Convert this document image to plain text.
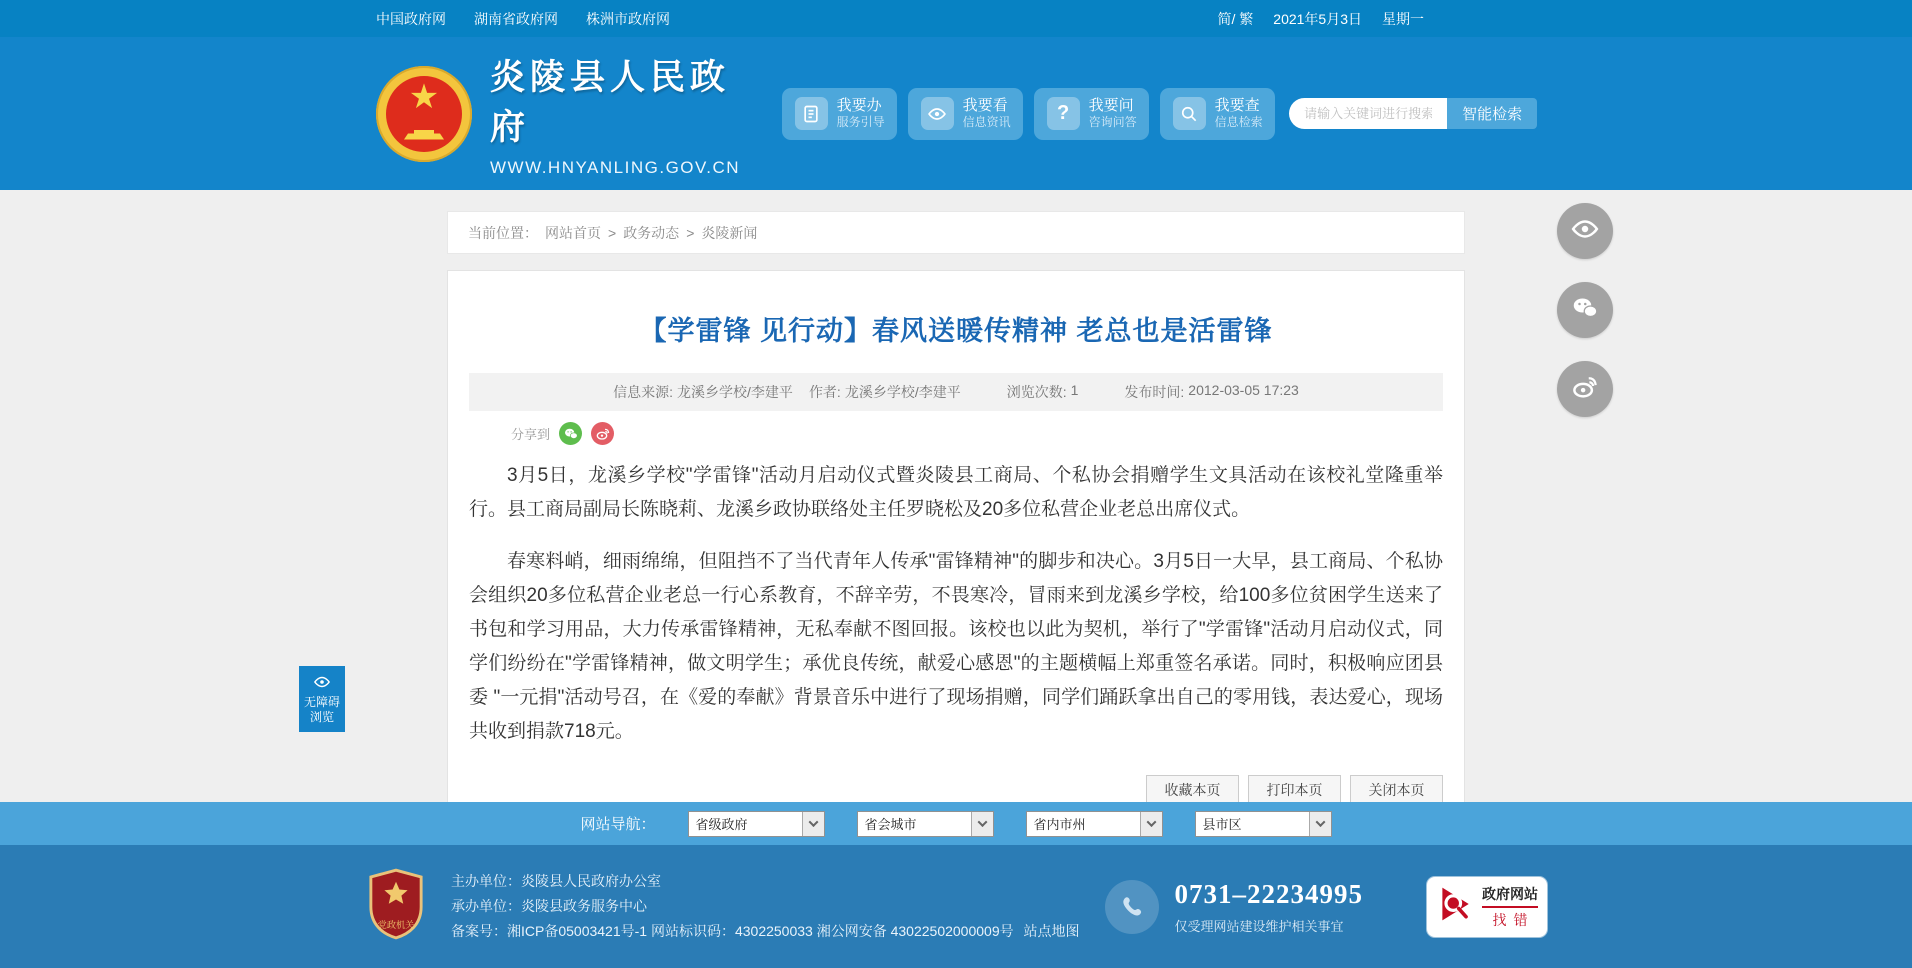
中国政府网 湖南省政府网 株洲市政府网	简/ 繁 2021年5月3日 星期一
★	炎陵县人民政府
WWW.HNYANLING.GOV.CN
我要办
服务引导
我要看
信息资讯	?	我要问
咨询问答
我要查
信息检索
请输入关键词进行搜索	智能检索
当前位置： 网站首页 > 政务动态 > 炎陵新闻
【学雷锋 见行动】春风送暖传精神 老总也是活雷锋
信息来源: 龙溪乡学校/李建平 作者: 龙溪乡学校/李建平	浏览次数: 1	发布时间: 2012-03-05 17:23
分享到

3月5日，龙溪乡学校"学雷锋"活动月启动仪式暨炎陵县工商局、个私协会捐赠学生文具活动在该校礼堂隆重举行。县工商局副局长陈晓莉、龙溪乡政协联络处主任罗晓松及20多位私营企业老总出席仪式。

春寒料峭，细雨绵绵，但阻挡不了当代青年人传承"雷锋精神"的脚步和决心。3月5日一大早，县工商局、个私协会组织20多位私营企业老总一行心系教育，不辞辛劳，不畏寒冷，冒雨来到龙溪乡学校，给100多位贫困学生送来了书包和学习用品，大力传承雷锋精神，无私奉献不图回报。该校也以此为契机，举行了"学雷锋"活动月启动仪式，同学们纷纷在"学雷锋精神，做文明学生；承优良传统，献爱心感恩"的主题横幅上郑重签名承诺。同时，积极响应团县委 "一元捐"活动号召，在《爱的奉献》背景音乐中进行了现场捐赠，同学们踊跃拿出自己的零用钱，表达爱心，现场共收到捐款718元。

收藏本页	打印本页	关闭本页
无障碍
浏览
网站导航：	省级政府	省会城市	省内市州	县市区
党政机关
主办单位：炎陵县人民政府办公室
承办单位：炎陵县政务服务中心
备案号：湘ICP备05003421号-1 网站标识码：4302250033 湘公网安备 43022502000009号 站点地图
0731–22234995
仅受理网站建设维护相关事宜
政府网站
找错
